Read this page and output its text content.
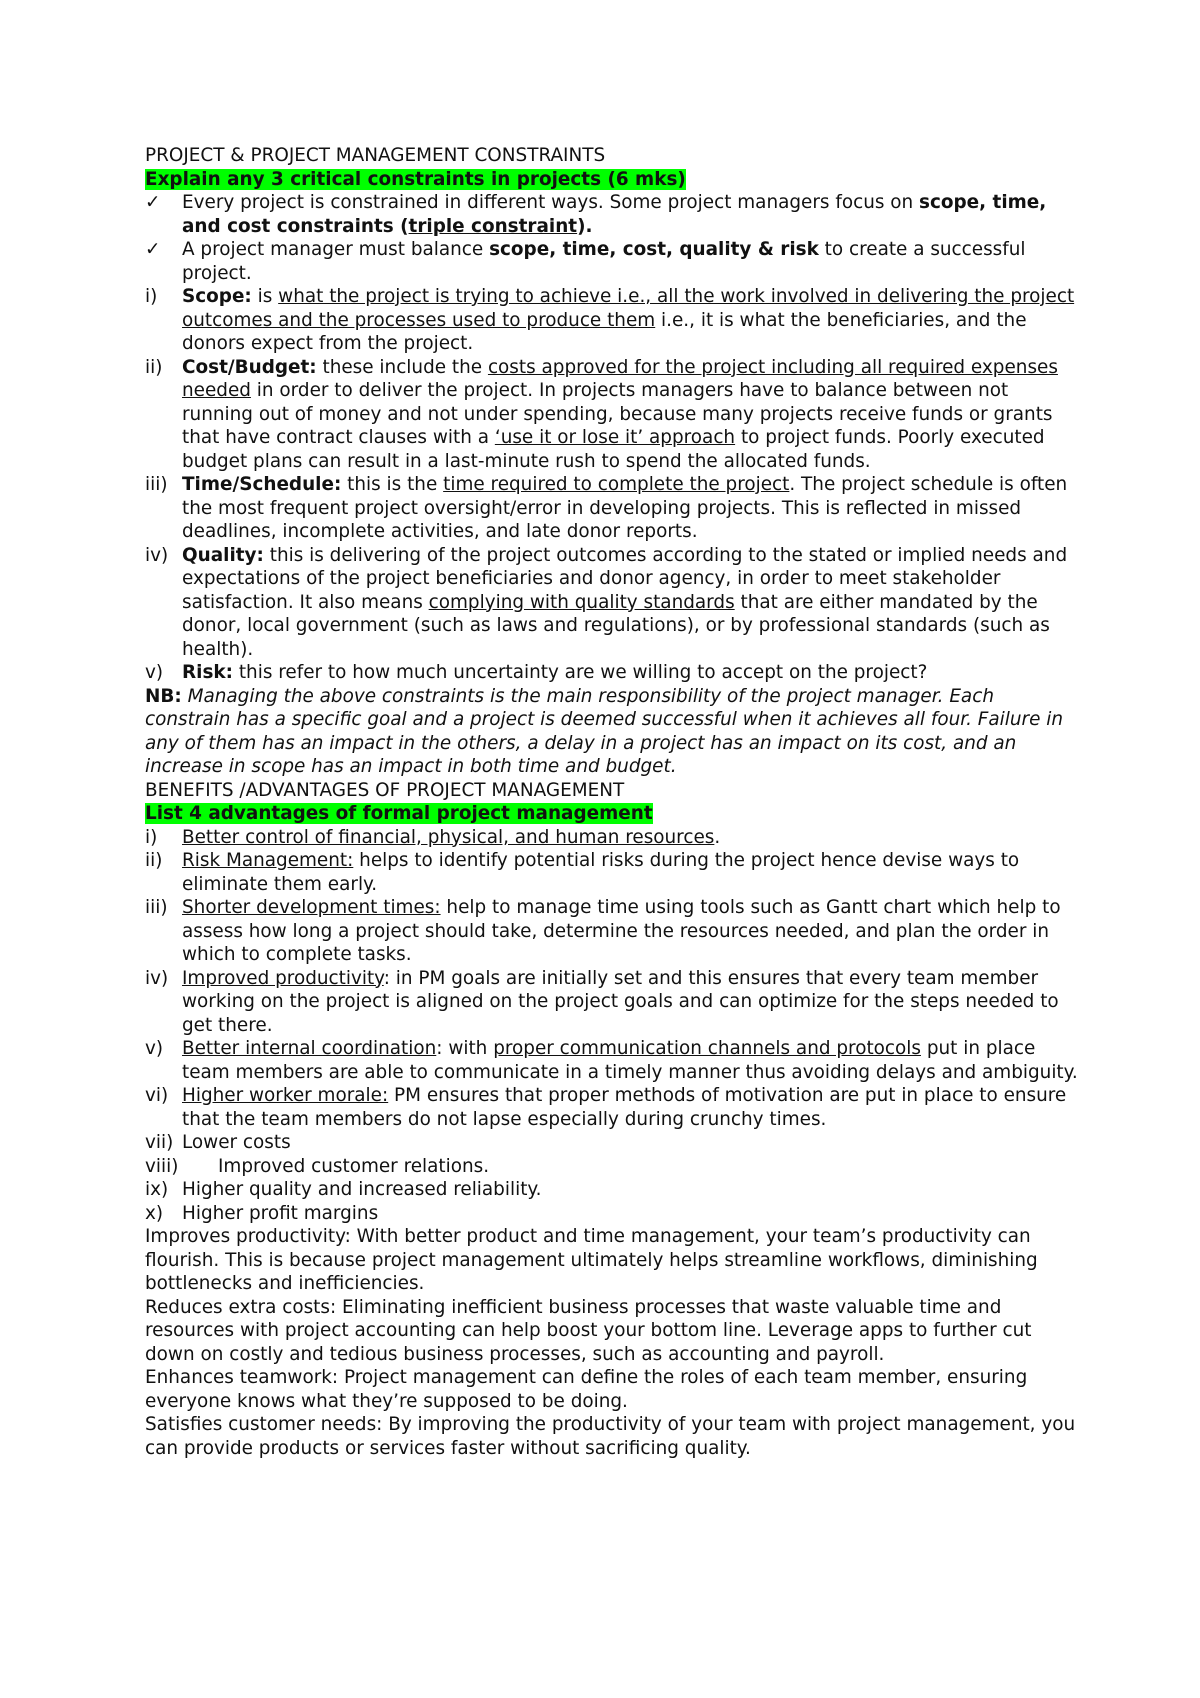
PROJECT & PROJECT MANAGEMENT CONSTRAINTS
Explain any 3 critical constraints in projects (6 mks)
✓	Every project is constrained in different ways. Some project managers focus on scope, time, and cost constraints (triple constraint).
✓	A project manager must balance scope, time, cost, quality & risk to create a successful project.
i)	Scope: is what the project is trying to achieve i.e., all the work involved in delivering the project outcomes and the processes used to produce them i.e., it is what the beneficiaries, and the donors expect from the project.
ii)	Cost/Budget: these include the costs approved for the project including all required expenses needed in order to deliver the project. In projects managers have to balance between not running out of money and not under spending, because many projects receive funds or grants that have contract clauses with a ‘use it or lose it’ approach to project funds. Poorly executed budget plans can result in a last-minute rush to spend the allocated funds.
iii) Time/Schedule: this is the time required to complete the project. The project schedule is often the most frequent project oversight/error in developing projects. This is reflected in missed deadlines, incomplete activities, and late donor reports.
iv) Quality: this is delivering of the project outcomes according to the stated or implied needs and expectations of the project beneficiaries and donor agency, in order to meet stakeholder satisfaction. It also means complying with quality standards that are either mandated by the donor, local government (such as laws and regulations), or by professional standards (such as health).
v)	Risk: this refer to how much uncertainty are we willing to accept on the project?
NB: Managing the above constraints is the main responsibility of the project manager. Each constrain has a specific goal and a project is deemed successful when it achieves all four. Failure in any of them has an impact in the others, a delay in a project has an impact on its cost, and an increase in scope has an impact in both time and budget.
BENEFITS /ADVANTAGES OF PROJECT MANAGEMENT
List 4 advantages of formal project management
i)	Better control of financial, physical, and human resources.
ii)	Risk Management: helps to identify potential risks during the project hence devise ways to eliminate them early.
iii) Shorter development times: help to manage time using tools such as Gantt chart which help to assess how long a project should take, determine the resources needed, and plan the order in which to complete tasks.
iv) Improved productivity: in PM goals are initially set and this ensures that every team member working on the project is aligned on the project goals and can optimize for the steps needed to get there.
v)	Better internal coordination: with proper communication channels and protocols put in place team members are able to communicate in a timely manner thus avoiding delays and ambiguity.
vi) Higher worker morale: PM ensures that proper methods of motivation are put in place to ensure that the team members do not lapse especially during crunchy times.
vii) Lower costs
viii)	Improved customer relations.
ix) Higher quality and increased reliability.
x)	Higher profit margins
Improves productivity: With better product and time management, your team’s productivity can flourish. This is because project management ultimately helps streamline workflows, diminishing bottlenecks and inefficiencies.
Reduces extra costs: Eliminating inefficient business processes that waste valuable time and resources with project accounting can help boost your bottom line. Leverage apps to further cut down on costly and tedious business processes, such as accounting and payroll.
Enhances teamwork: Project management can define the roles of each team member, ensuring everyone knows what they’re supposed to be doing.
Satisfies customer needs: By improving the productivity of your team with project management, you can provide products or services faster without sacrificing quality.
